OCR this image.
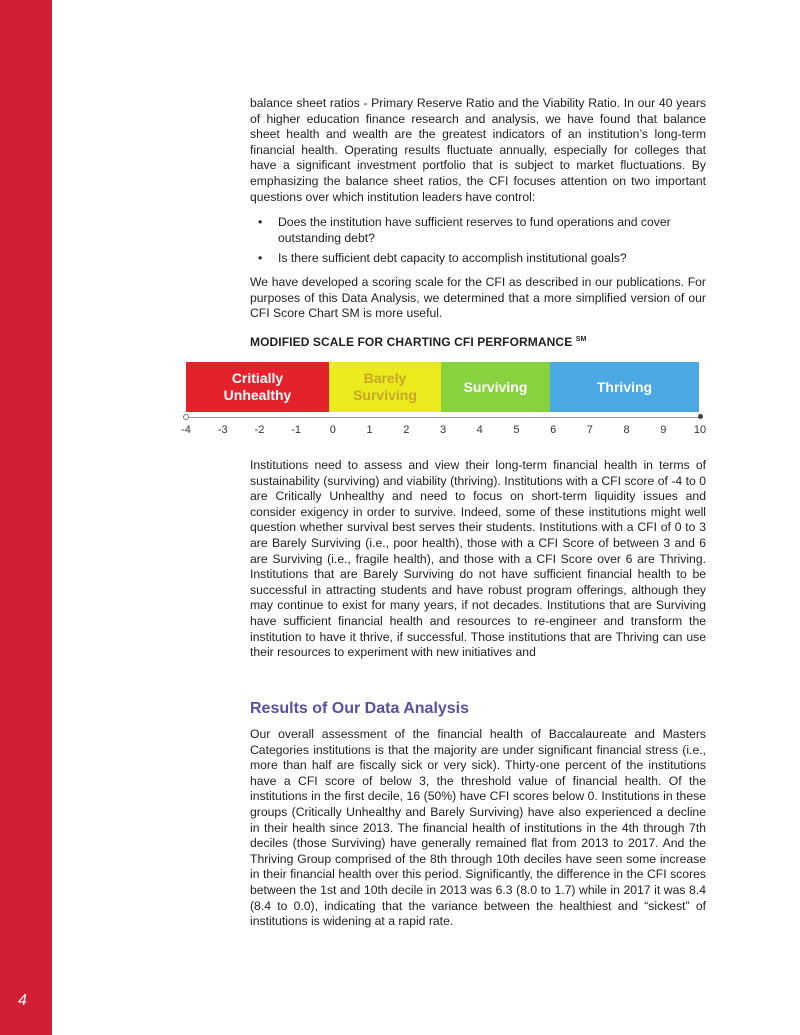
4

balance sheet ratios - Primary Reserve Ratio and the Viability Ratio. In our 40 years of higher education finance research and analysis, we have found that balance sheet health and wealth are the greatest indicators of an institution’s long-term financial health. Operating results fluctuate annually, especially for colleges that have a significant investment portfolio that is subject to market fluctuations. By emphasizing the balance sheet ratios, the CFI focuses attention on two important questions over which institution leaders have control:

• Does the institution have sufficient reserves to fund operations and cover outstanding debt?
• Is there sufficient debt capacity to accomplish institutional goals?

We have developed a scoring scale for the CFI as described in our publications. For purposes of this Data Analysis, we determined that a more simplified version of our CFI Score Chart SM is more useful.

MODIFIED SCALE FOR CHARTING CFI PERFORMANCE ℠
Critially
Unhealthy
Barely
Surviving
Surviving	Thriving
-4 -3 -2 -1	0	1	2	3	4	5	6	7	8	9	10

Institutions need to assess and view their long-term financial health in terms of sustainability (surviving) and viability (thriving). Institutions with a CFI score of -4 to 0 are Critically Unhealthy and need to focus on short-term liquidity issues and consider exigency in order to survive. Indeed, some of these institutions might well question whether survival best serves their students. Institutions with a CFI of 0 to 3 are Barely Surviving (i.e., poor health), those with a CFI Score of between 3 and 6 are Surviving (i.e., fragile health), and those with a CFI Score over 6 are Thriving. Institutions that are Barely Surviving do not have sufficient financial health to be successful in attracting students and have robust program offerings, although they may continue to exist for many years, if not decades. Institutions that are Surviving have sufficient financial health and resources to re-engineer and transform the institution to have it thrive, if successful. Those institutions that are Thriving can use their resources to experiment with new initiatives and

Results of Our Data Analysis

Our overall assessment of the financial health of Baccalaureate and Masters Categories institutions is that the majority are under significant financial stress (i.e., more than half are fiscally sick or very sick). Thirty-one percent of the institutions have a CFI score of below 3, the threshold value of financial health. Of the institutions in the first decile, 16 (50%) have CFI scores below 0. Institutions in these groups (Critically Unhealthy and Barely Surviving) have also experienced a decline in their health since 2013. The financial health of institutions in the 4th through 7th deciles (those Surviving) have generally remained flat from 2013 to 2017. And the Thriving Group comprised of the 8th through 10th deciles have seen some increase in their financial health over this period. Significantly, the difference in the CFI scores between the 1st and 10th decile in 2013 was 6.3 (8.0 to 1.7) while in 2017 it was 8.4 (8.4 to 0.0), indicating that the variance between the healthiest and “sickest” of institutions is widening at a rapid rate.
